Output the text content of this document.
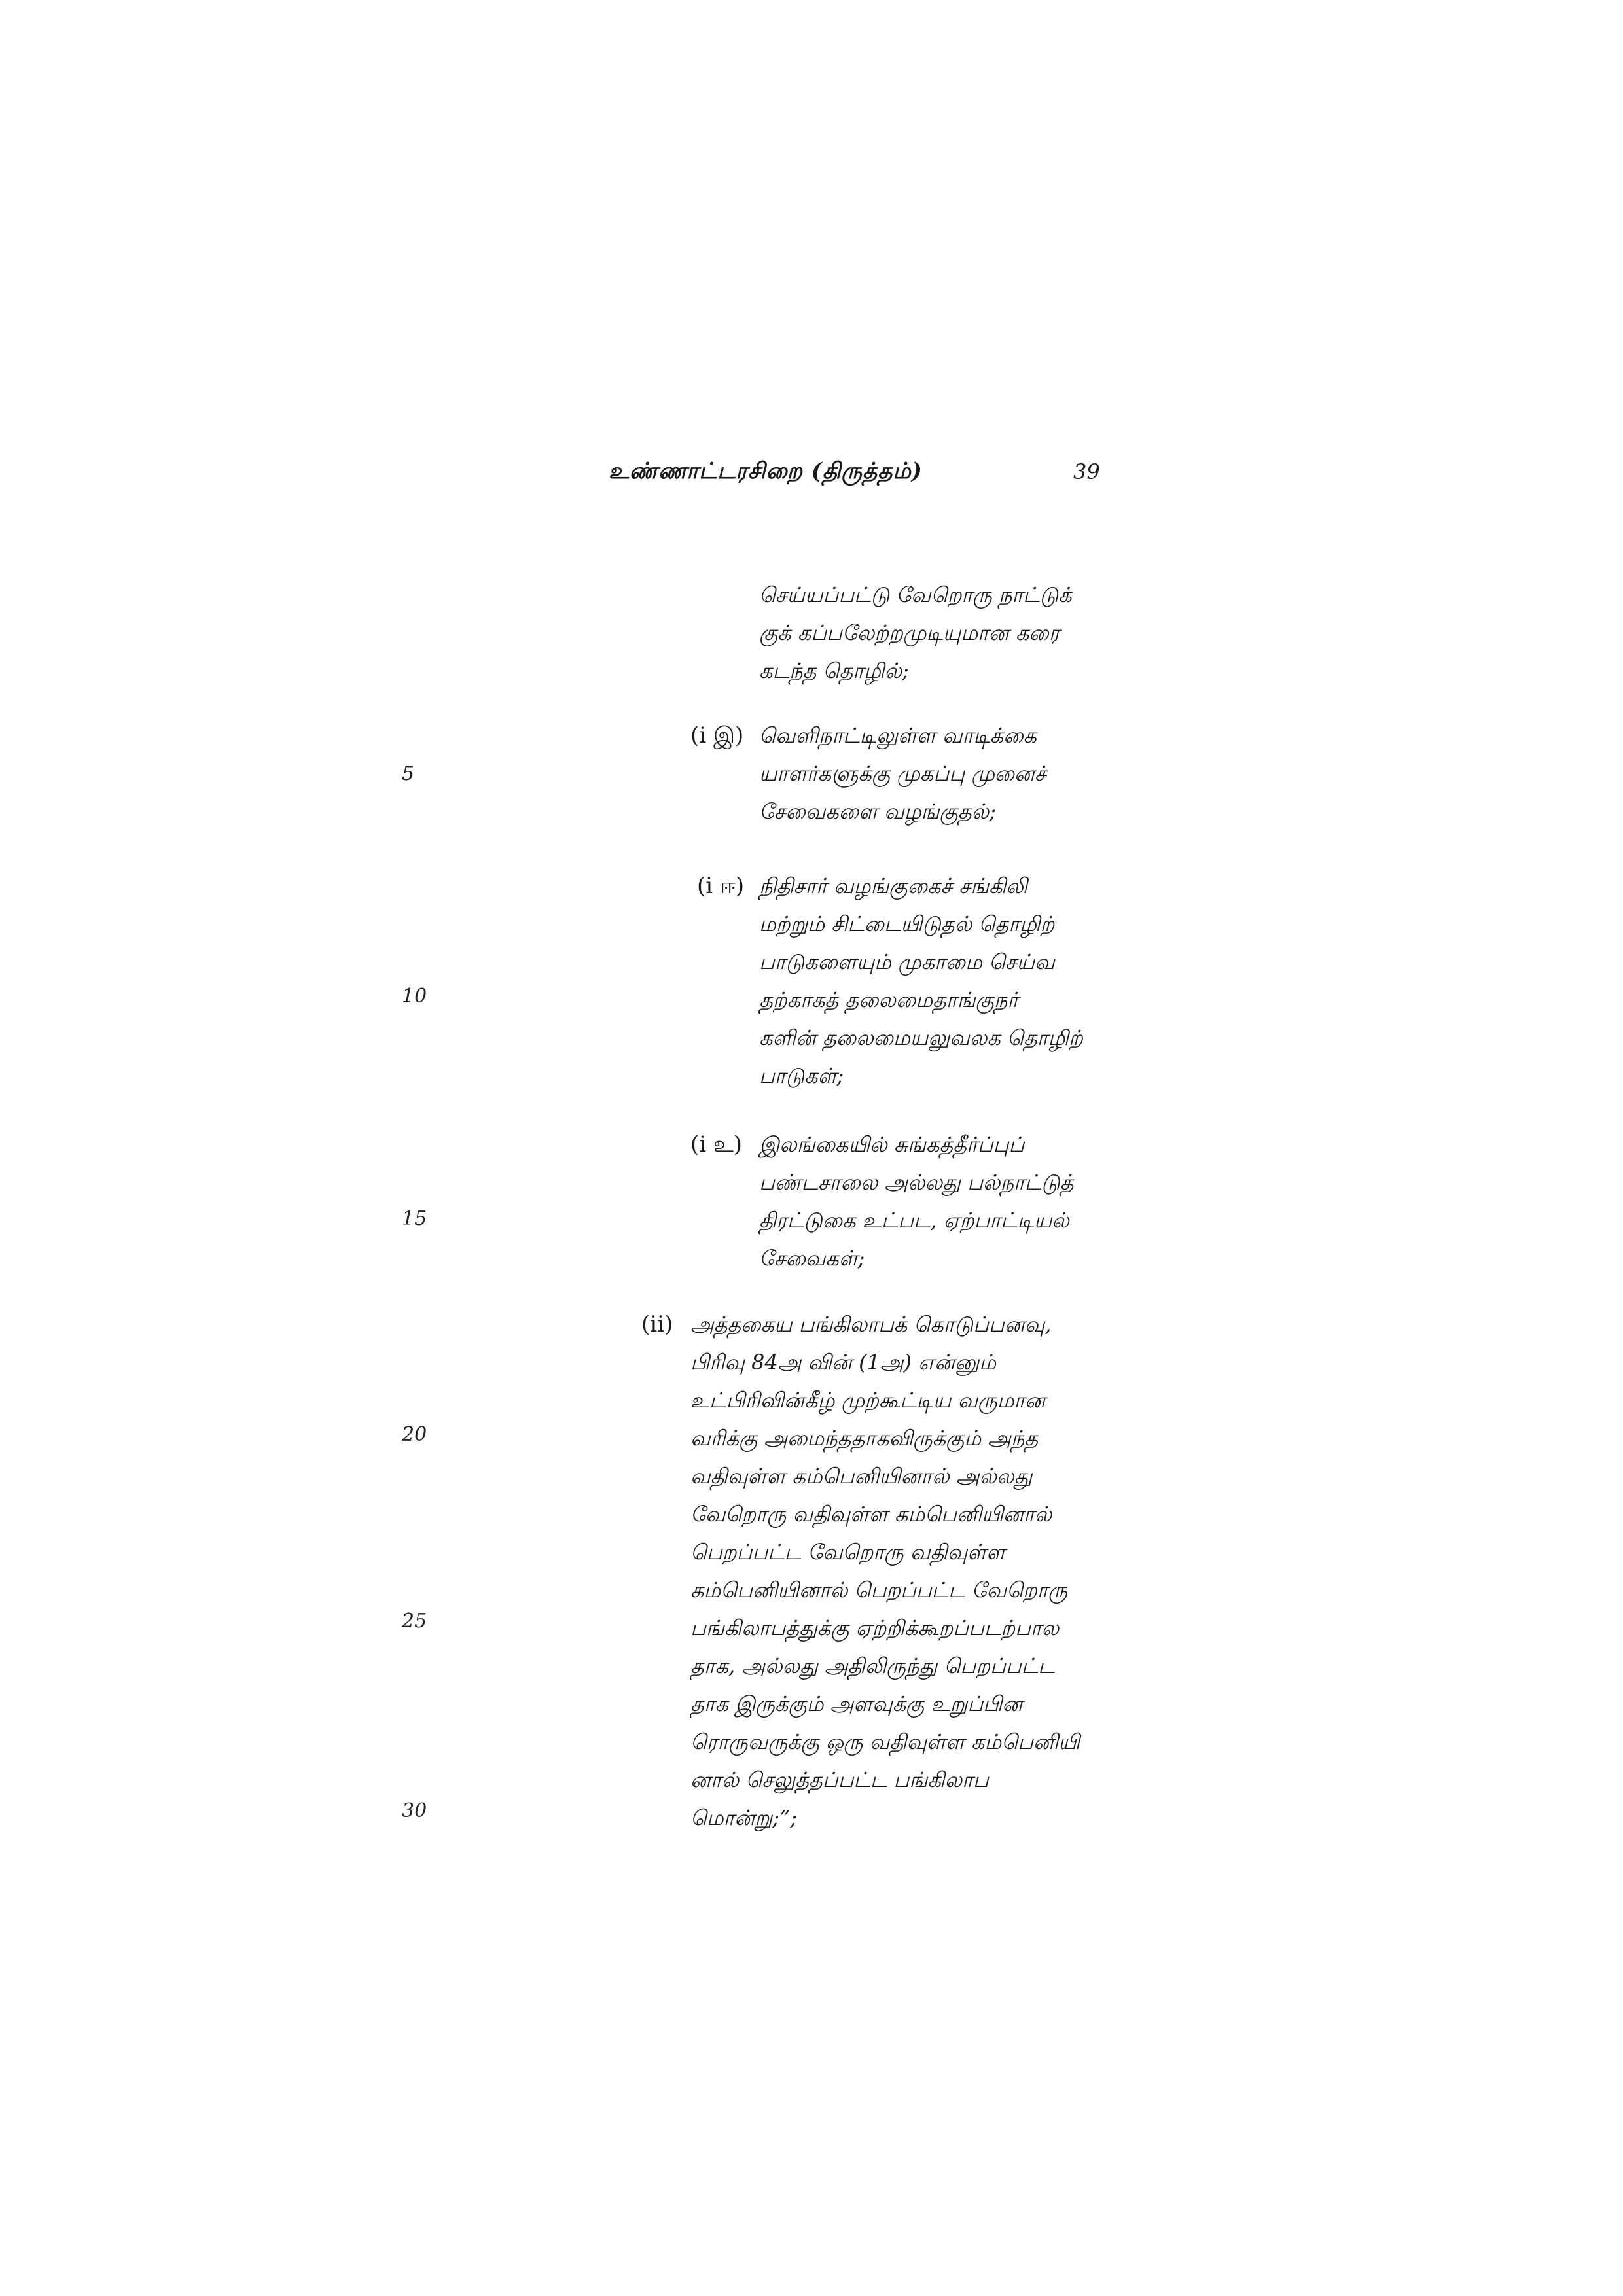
உண்ணாட்டரசிறை (திருத்தம்)	39
5
10
15
20
25
30
செய்யப்பட்டு வேறொரு நாட்டுக்
குக் கப்பலேற்றமுடியுமான கரை
கடந்த தொழில்;
(i இ) வெளிநாட்டிலுள்ள வாடிக்கை
யாளர்களுக்கு முகப்பு முனைச்
சேவைகளை வழங்குதல்;
(i ஈ) நிதிசார் வழங்குகைச் சங்கிலி
மற்றும் சிட்டையிடுதல் தொழிற்
பாடுகளையும் முகாமை செய்வ
தற்காகத் தலைமைதாங்குநர்
களின் தலைமையலுவலக தொழிற்
பாடுகள்;
(i உ) இலங்கையில் சுங்கத்தீர்ப்புப்
பண்டசாலை அல்லது பல்நாட்டுத்
திரட்டுகை உட்பட, ஏற்பாட்டியல்
சேவைகள்;
(ii) அத்தகைய பங்கிலாபக் கொடுப்பனவு,
பிரிவு 84அ வின் (1அ) என்னும்
உட்பிரிவின்கீழ் முற்கூட்டிய வருமான
வரிக்கு அமைந்ததாகவிருக்கும் அந்த
வதிவுள்ள கம்பெனியினால் அல்லது
வேறொரு வதிவுள்ள கம்பெனியினால்
பெறப்பட்ட வேறொரு வதிவுள்ள
கம்பெனியினால் பெறப்பட்ட வேறொரு
பங்கிலாபத்துக்கு ஏற்றிக்கூறப்படற்பால
தாக, அல்லது அதிலிருந்து பெறப்பட்ட
தாக இருக்கும் அளவுக்கு உறுப்பின
ரொருவருக்கு ஒரு வதிவுள்ள கம்பெனியி
னால் செலுத்தப்பட்ட பங்கிலாப
மொன்று;”;
